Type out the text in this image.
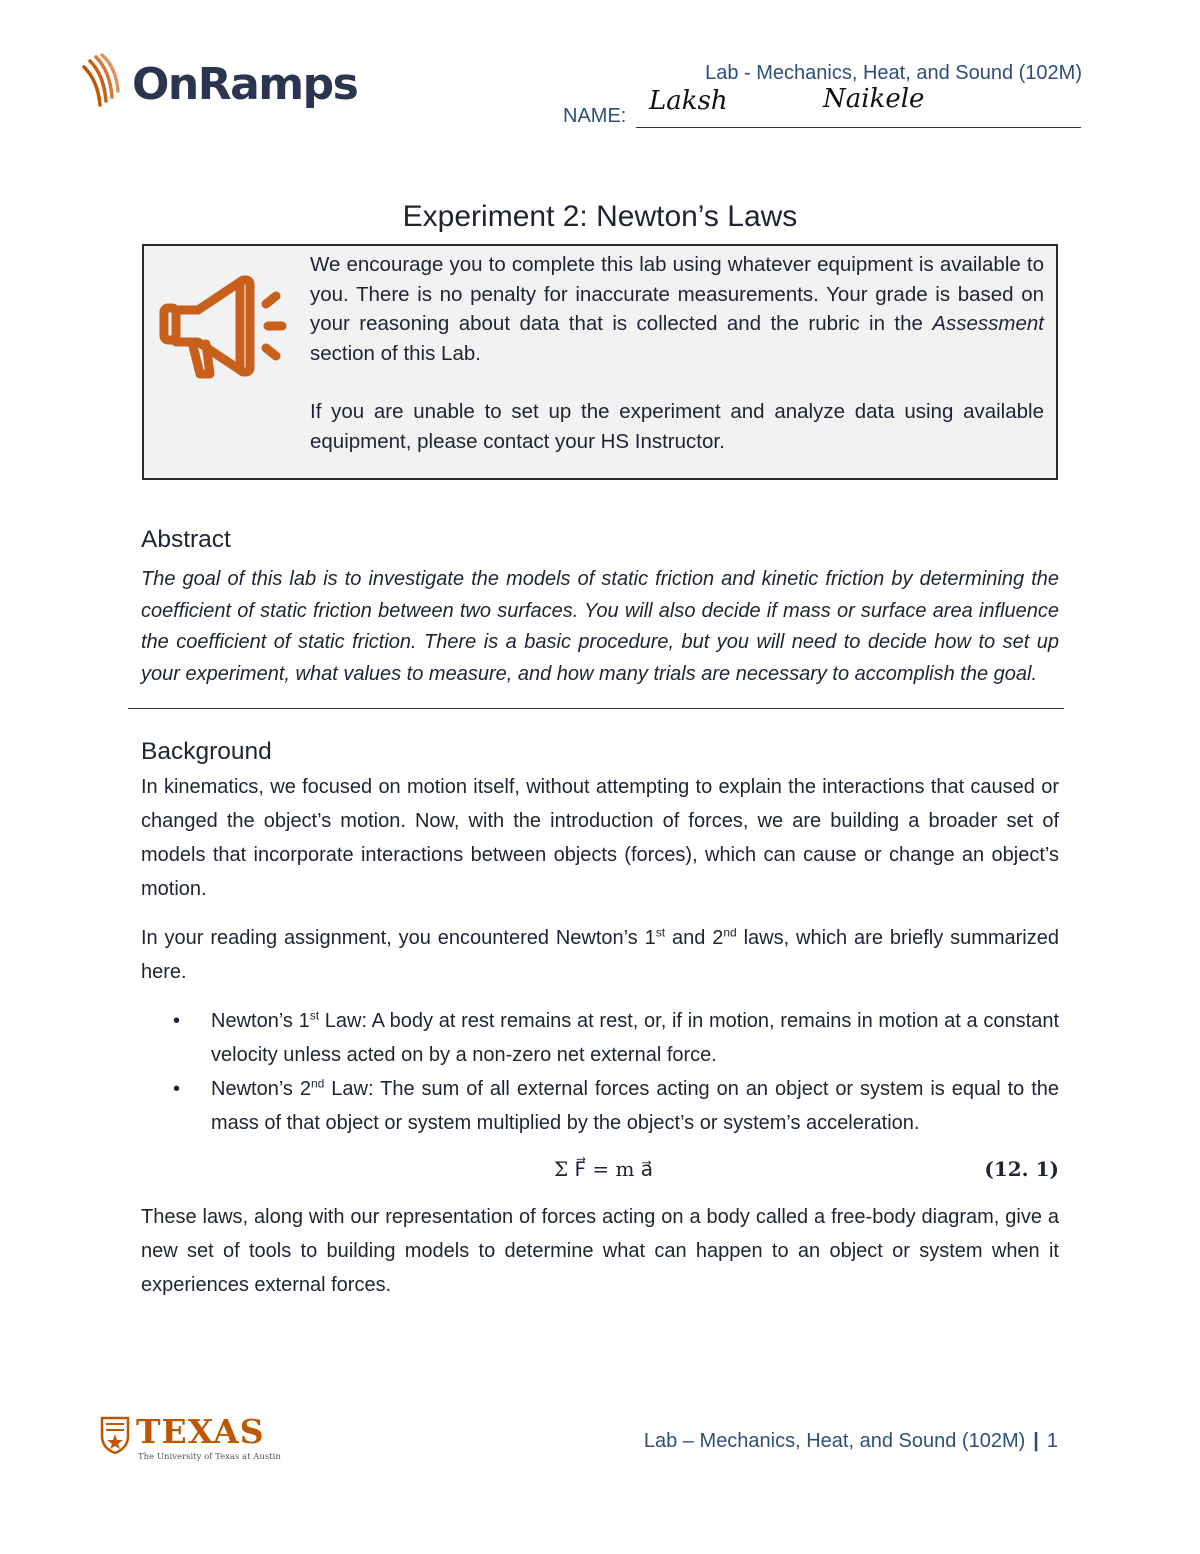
OnRamps	Lab - Mechanics, Heat, and Sound (102M)
NAME: Laksh	Naikele
Experiment 2: Newton’s Laws

We encourage you to complete this lab using whatever equipment is available to you. There is no penalty for inaccurate measurements. Your grade is based on your reasoning about data that is collected and the rubric in the Assessment section of this Lab.

If you are unable to set up the experiment and analyze data using available equipment, please contact your HS Instructor.

Abstract
The goal of this lab is to investigate the models of static friction and kinetic friction by determining the coefficient of static friction between two surfaces. You will also decide if mass or surface area influence the coefficient of static friction. There is a basic procedure, but you will need to decide how to set up your experiment, what values to measure, and how many trials are necessary to accomplish the goal.
Background

In kinematics, we focused on motion itself, without attempting to explain the interactions that caused or changed the object’s motion. Now, with the introduction of forces, we are building a broader set of models that incorporate interactions between objects (forces), which can cause or change an object’s motion.

In your reading assignment, you encountered Newton’s 1st and 2nd laws, which are briefly summarized here.

• Newton’s 1st Law: A body at rest remains at rest, or, if in motion, remains in motion at a constant velocity unless acted on by a non-zero net external force.
• Newton’s 2nd Law: The sum of all external forces acting on an object or system is equal to the mass of that object or system multiplied by the object’s or system’s acceleration.
Σ F⃗ = m a⃗	(12. 1)

These laws, along with our representation of forces acting on a body called a free-body diagram, give a new set of tools to building models to determine what can happen to an object or system when it experiences external forces.

TEXAS
The University of Texas at Austin
Lab – Mechanics, Heat, and Sound (102M) | 1
